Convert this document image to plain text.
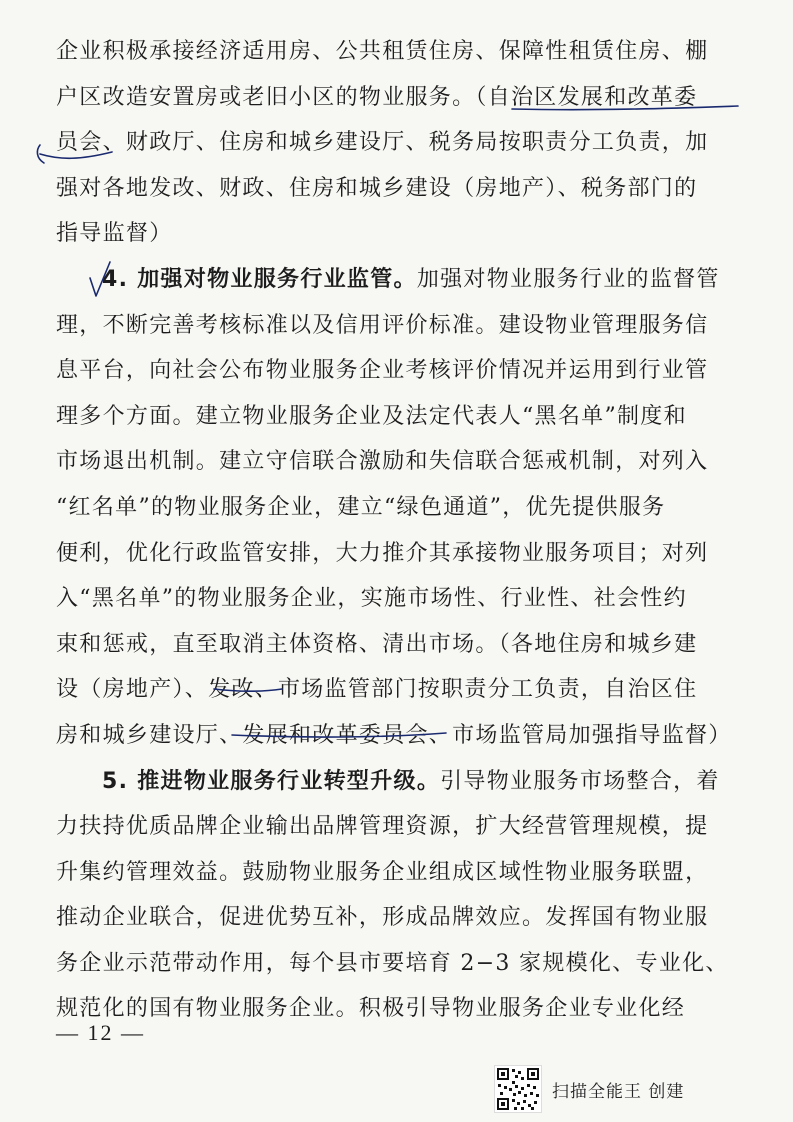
企业积极承接经济适用房、公共租赁住房、保障性租赁住房、棚
户区改造安置房或老旧小区的物业服务。（自治区发展和改革委
员会、财政厅、住房和城乡建设厅、税务局按职责分工负责，加
强对各地发改、财政、住房和城乡建设（房地产）、税务部门的
指导监督）
4. 加强对物业服务行业监管。加强对物业服务行业的监督管
理，不断完善考核标准以及信用评价标准。建设物业管理服务信
息平台，向社会公布物业服务企业考核评价情况并运用到行业管
理多个方面。建立物业服务企业及法定代表人“黑名单”制度和
市场退出机制。建立守信联合激励和失信联合惩戒机制，对列入
“红名单”的物业服务企业，建立“绿色通道”，优先提供服务
便利，优化行政监管安排，大力推介其承接物业服务项目；对列
入“黑名单”的物业服务企业，实施市场性、行业性、社会性约
束和惩戒，直至取消主体资格、清出市场。（各地住房和城乡建
设（房地产）、发改、市场监管部门按职责分工负责，自治区住
房和城乡建设厅、发展和改革委员会、市场监管局加强指导监督）
5. 推进物业服务行业转型升级。引导物业服务市场整合，着
力扶持优质品牌企业输出品牌管理资源，扩大经营管理规模，提
升集约管理效益。鼓励物业服务企业组成区域性物业服务联盟，
推动企业联合，促进优势互补，形成品牌效应。发挥国有物业服
务企业示范带动作用，每个县市要培育 2−3 家规模化、专业化、
规范化的国有物业服务企业。积极引导物业服务企业专业化经
— 12 —
扫描全能王 创建
